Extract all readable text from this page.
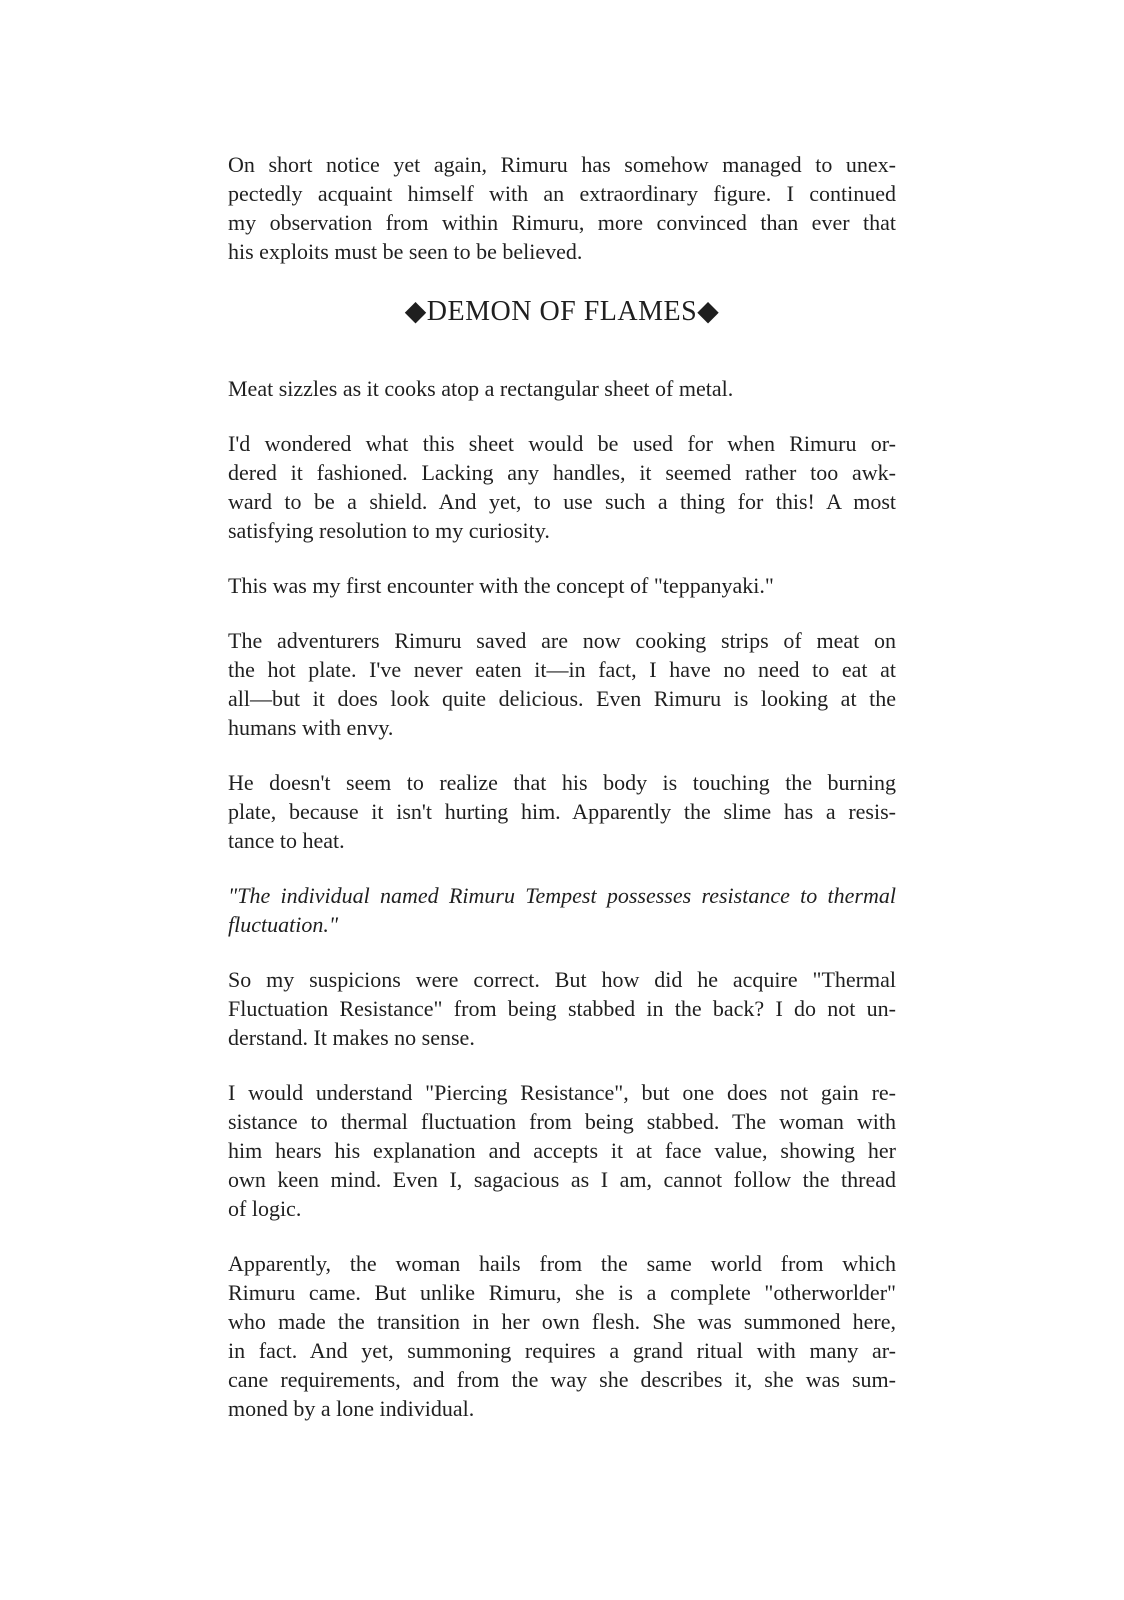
On short notice yet again, Rimuru has somehow managed to unex-
pectedly acquaint himself with an extraordinary figure. I continued
my observation from within Rimuru, more convinced than ever that
his exploits must be seen to be believed.
◆DEMON OF FLAMES◆
Meat sizzles as it cooks atop a rectangular sheet of metal.
I'd wondered what this sheet would be used for when Rimuru or-
dered it fashioned. Lacking any handles, it seemed rather too awk-
ward to be a shield. And yet, to use such a thing for this! A most
satisfying resolution to my curiosity.
This was my first encounter with the concept of "teppanyaki."
The adventurers Rimuru saved are now cooking strips of meat on
the hot plate. I've never eaten it—in fact, I have no need to eat at
all—but it does look quite delicious. Even Rimuru is looking at the
humans with envy.
He doesn't seem to realize that his body is touching the burning
plate, because it isn't hurting him. Apparently the slime has a resis-
tance to heat.
"The individual named Rimuru Tempest possesses resistance to thermal
fluctuation."
So my suspicions were correct. But how did he acquire "Thermal
Fluctuation Resistance" from being stabbed in the back? I do not un-
derstand. It makes no sense.
I would understand "Piercing Resistance", but one does not gain re-
sistance to thermal fluctuation from being stabbed. The woman with
him hears his explanation and accepts it at face value, showing her
own keen mind. Even I, sagacious as I am, cannot follow the thread
of logic.
Apparently, the woman hails from the same world from which
Rimuru came. But unlike Rimuru, she is a complete "otherworlder"
who made the transition in her own flesh. She was summoned here,
in fact. And yet, summoning requires a grand ritual with many ar-
cane requirements, and from the way she describes it, she was sum-
moned by a lone individual.
